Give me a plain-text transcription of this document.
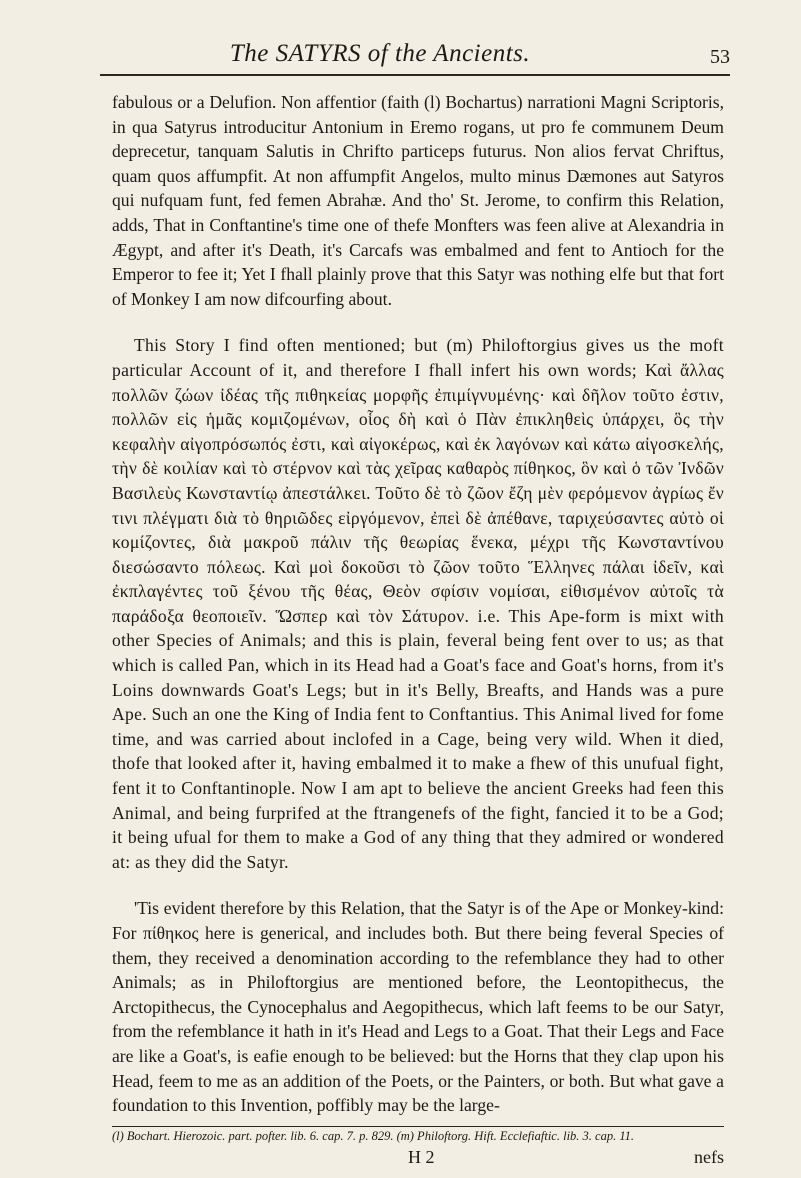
The SATYRS of the Ancients.	53

fabulous or a Delufion. Non affentior (faith (l) Bochartus) narrationi Magni Scriptoris, in qua Satyrus introducitur Antonium in Eremo rogans, ut pro fe communem Deum deprecetur, tanquam Salutis in Chrifto particeps futurus. Non alios fervat Chriftus, quam quos affumpfit. At non affumpfit Angelos, multo minus Dæmones aut Satyros qui nufquam funt, fed femen Abrahæ. And tho' St. Jerome, to confirm this Relation, adds, That in Conftantine's time one of thefe Monfters was feen alive at Alexandria in Ægypt, and after it's Death, it's Carcafs was embalmed and fent to Antioch for the Emperor to fee it; Yet I fhall plainly prove that this Satyr was nothing elfe but that fort of Monkey I am now difcourfing about.

This Story I find often mentioned; but (m) Philoftorgius gives us the moft particular Account of it, and therefore I fhall infert his own words; Καὶ ἄλλας πολλῶν ζώων ἰδέας τῆς πιθηκείας μορφῆς ἐπιμίγνυμένης· καὶ δῆλον τοῦτο ἐστιν, πολλῶν εἰς ἡμᾶς κομιζομένων, οἷος δὴ καὶ ὁ Πὰν ἐπικληθεὶς ὑπάρχει, ὃς τὴν κεφαλὴν αἰγοπρόσωπός ἐστι, καὶ αἰγοκέρως, καὶ ἐκ λαγόνων καὶ κάτω αἰγοσκελής, τὴν δὲ κοιλίαν καὶ τὸ στέρνον καὶ τὰς χεῖρας καθαρὸς πίθηκος, ὃν καὶ ὁ τῶν Ἰνδῶν Βασιλεὺς Κωνσταντίῳ ἀπεστάλκει. Τοῦτο δὲ τὸ ζῶον ἔζη μὲν φερόμενον ἀγρίως ἔν τινι πλέγματι διὰ τὸ θηριῶδες εἰργόμενον, ἐπεὶ δὲ ἀπέθανε, ταριχεύσαντες αὐτὸ οἱ κομίζοντες, διὰ μακροῦ πάλιν τῆς θεωρίας ἕνεκα, μέχρι τῆς Κωνσταντίνου διεσώσαντο πόλεως. Καὶ μοὶ δοκοῦσι τὸ ζῶον τοῦτο Ἕλληνες πάλαι ἰδεῖν, καὶ ἐκπλαγέντες τοῦ ξένου τῆς θέας, Θεὸν σφίσιν νομίσαι, εἰθισμένον αὐτοῖς τὰ παράδοξα θεοποιεῖν. Ὥσπερ καὶ τὸν Σάτυρον. i.e. This Ape-form is mixt with other Species of Animals; and this is plain, feveral being fent over to us; as that which is called Pan, which in its Head had a Goat's face and Goat's horns, from it's Loins downwards Goat's Legs; but in it's Belly, Breafts, and Hands was a pure Ape. Such an one the King of India fent to Conftantius. This Animal lived for fome time, and was carried about inclofed in a Cage, being very wild. When it died, thofe that looked after it, having embalmed it to make a fhew of this unufual fight, fent it to Conftantinople. Now I am apt to believe the ancient Greeks had feen this Animal, and being furprifed at the ftrangenefs of the fight, fancied it to be a God; it being ufual for them to make a God of any thing that they admired or wondered at: as they did the Satyr.

'Tis evident therefore by this Relation, that the Satyr is of the Ape or Monkey-kind: For πίθηκος here is generical, and includes both. But there being feveral Species of them, they received a denomination according to the refemblance they had to other Animals; as in Philoftorgius are mentioned before, the Leontopithecus, the Arctopithecus, the Cynocephalus and Aegopithecus, which laft feems to be our Satyr, from the refemblance it hath in it's Head and Legs to a Goat. That their Legs and Face are like a Goat's, is eafie enough to be believed: but the Horns that they clap upon his Head, feem to me as an addition of the Poets, or the Painters, or both. But what gave a foundation to this Invention, poffibly may be the large-

(l) Bochart. Hierozoic. part. pofter. lib. 6. cap. 7. p. 829. (m) Philoftorg. Hift. Ecclefiaftic. lib. 3. cap. 11.
H 2	nefs
